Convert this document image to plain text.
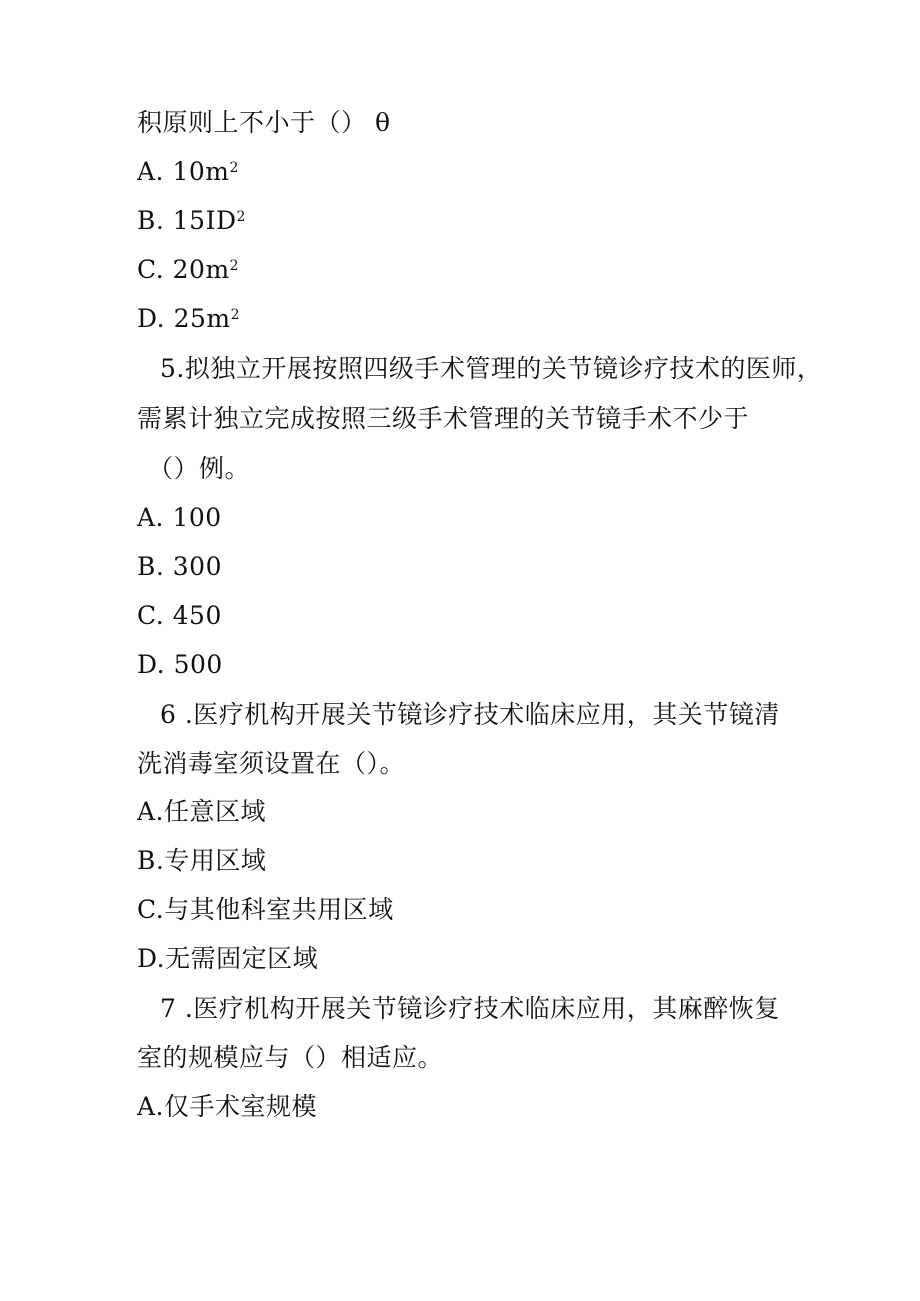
积原则上不小于（） θ
A. $10m^2$
B. $15ID^2$
C. $20m^2$
D. $25m^2$
5.拟独立开展按照四级手术管理的关节镜诊疗技术的医师，
需累计独立完成按照三级手术管理的关节镜手术不少于
（）例。
A. 100
B. 300
C. 450
D. 500
6 .医疗机构开展关节镜诊疗技术临床应用，其关节镜清
洗消毒室须设置在（）。
A.任意区域
B.专用区域
C.与其他科室共用区域
D.无需固定区域
7 .医疗机构开展关节镜诊疗技术临床应用，其麻醉恢复
室的规模应与（）相适应。
A.仅手术室规模
